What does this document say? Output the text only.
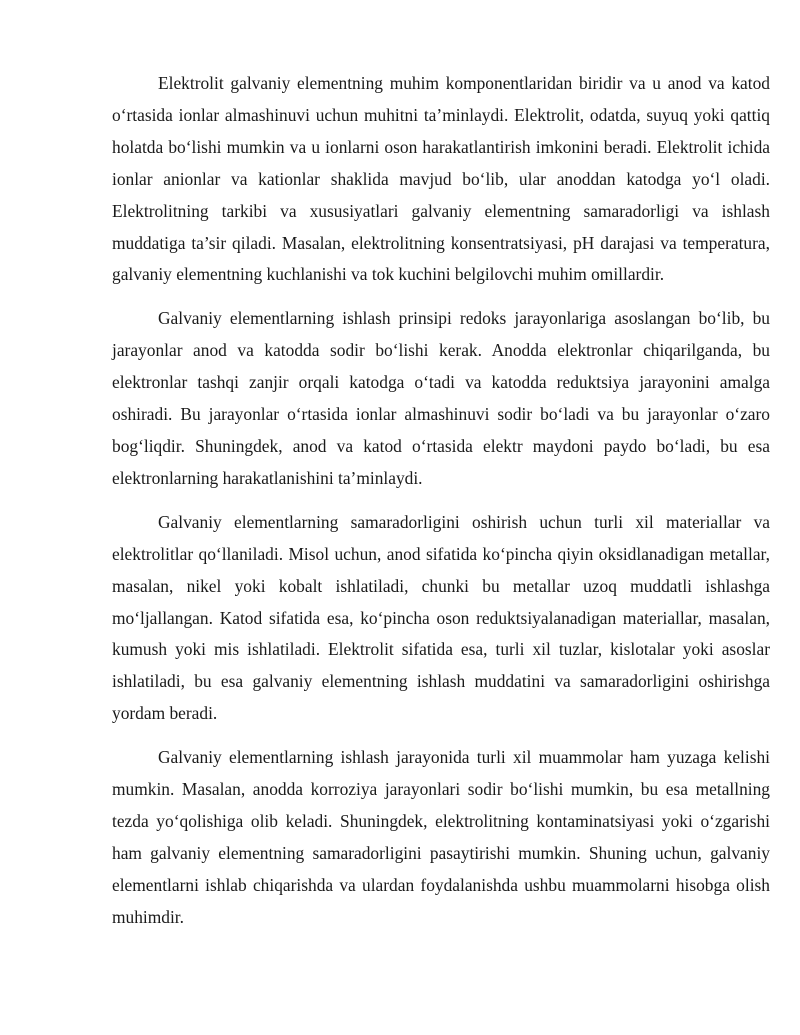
Elektrolit galvaniy elementning muhim komponentlaridan biridir va u anod va katod o‘rtasida ionlar almashinuvi uchun muhitni ta’minlaydi. Elektrolit, odatda, suyuq yoki qattiq holatda bo‘lishi mumkin va u ionlarni oson harakatlantirish imkonini beradi. Elektrolit ichida ionlar anionlar va kationlar shaklida mavjud bo‘lib, ular anoddan katodga yo‘l oladi. Elektrolitning tarkibi va xususiyatlari galvaniy elementning samaradorligi va ishlash muddatiga ta’sir qiladi. Masalan, elektrolitning konsentratsiyasi, pH darajasi va temperatura, galvaniy elementning kuchlanishi va tok kuchini belgilovchi muhim omillardir.

Galvaniy elementlarning ishlash prinsipi redoks jarayonlariga asoslangan bo‘lib, bu jarayonlar anod va katodda sodir bo‘lishi kerak. Anodda elektronlar chiqarilganda, bu elektronlar tashqi zanjir orqali katodga o‘tadi va katodda reduktsiya jarayonini amalga oshiradi. Bu jarayonlar o‘rtasida ionlar almashinuvi sodir bo‘ladi va bu jarayonlar o‘zaro bog‘liqdir. Shuningdek, anod va katod o‘rtasida elektr maydoni paydo bo‘ladi, bu esa elektronlarning harakatlanishini ta’minlaydi.

Galvaniy elementlarning samaradorligini oshirish uchun turli xil materiallar va elektrolitlar qo‘llaniladi. Misol uchun, anod sifatida ko‘pincha qiyin oksidlanadigan metallar, masalan, nikel yoki kobalt ishlatiladi, chunki bu metallar uzoq muddatli ishlashga mo‘ljallangan. Katod sifatida esa, ko‘pincha oson reduktsiyalanadigan materiallar, masalan, kumush yoki mis ishlatiladi. Elektrolit sifatida esa, turli xil tuzlar, kislotalar yoki asoslar ishlatiladi, bu esa galvaniy elementning ishlash muddatini va samaradorligini oshirishga yordam beradi.

Galvaniy elementlarning ishlash jarayonida turli xil muammolar ham yuzaga kelishi mumkin. Masalan, anodda korroziya jarayonlari sodir bo‘lishi mumkin, bu esa metallning tezda yo‘qolishiga olib keladi. Shuningdek, elektrolitning kontaminatsiyasi yoki o‘zgarishi ham galvaniy elementning samaradorligini pasaytirishi mumkin. Shuning uchun, galvaniy elementlarni ishlab chiqarishda va ulardan foydalanishda ushbu muammolarni hisobga olish muhimdir.
